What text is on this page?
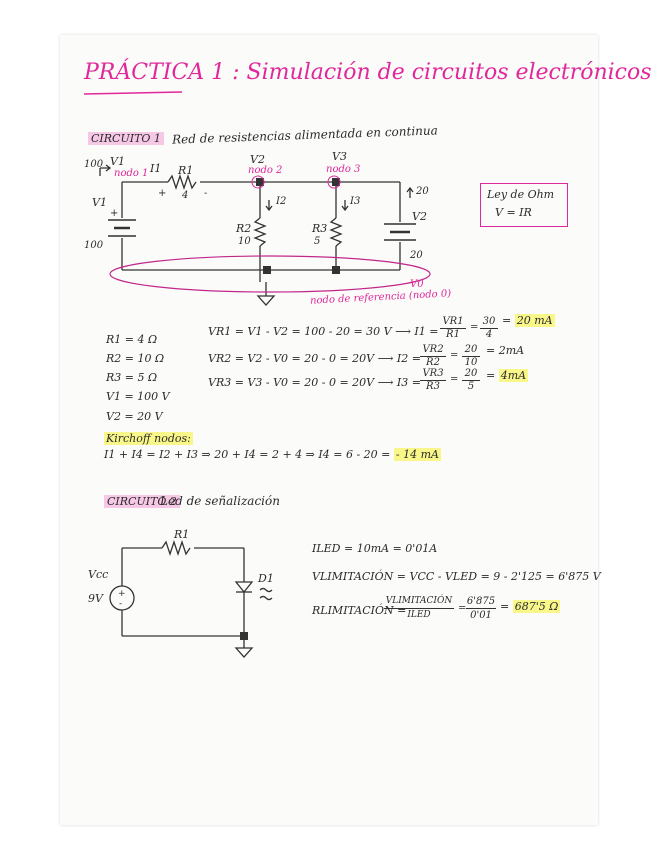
PRÁCTICA 1 : Simulación de circuitos electrónicos
CIRCUITO 1 Red de resistencias alimentada en continua
100 V1
nodo 1 I1 R1
+ 4 -
V2
nodo 2
V3
nodo 3
I2	I3
20
V1
+
100
R2
10
R3
5
V2
20
V0
nodo de referencia (nodo 0)
Ley de Ohm
V = IR
R1 = 4 Ω
R2 = 10 Ω
R3 = 5 Ω
V1 = 100 V
V2 = 20 V
VR1 = V1 - V2 = 100 - 20 = 30 V ⟶ I1 =
VR1
R1
=
30
4
= 20 mA
VR2 = V2 - V0 = 20 - 0 = 20V ⟶ I2 =
VR2
R2
=
20
10
= 2mA
VR3 = V3 - V0 = 20 - 0 = 20V ⟶ I3 =
VR3
R3
=
20
5
= 4mA
Kirchoff nodos:
I1 + I4 = I2 + I3 ⇒ 20 + I4 = 2 + 4 ⇒ I4 = 6 - 20 = - 14 mA
CIRCUITO 2
Led de señalización
+
-
R1
Vcc
9V
D1
ILED = 10mA = 0'01A
VLIMITACIÓN = VCC - VLED = 9 - 2'125 = 6'875 V
RLIMITACIÓN =
VLIMITACIÓN
ILED
=
6'875
0'01
= 687'5 Ω
